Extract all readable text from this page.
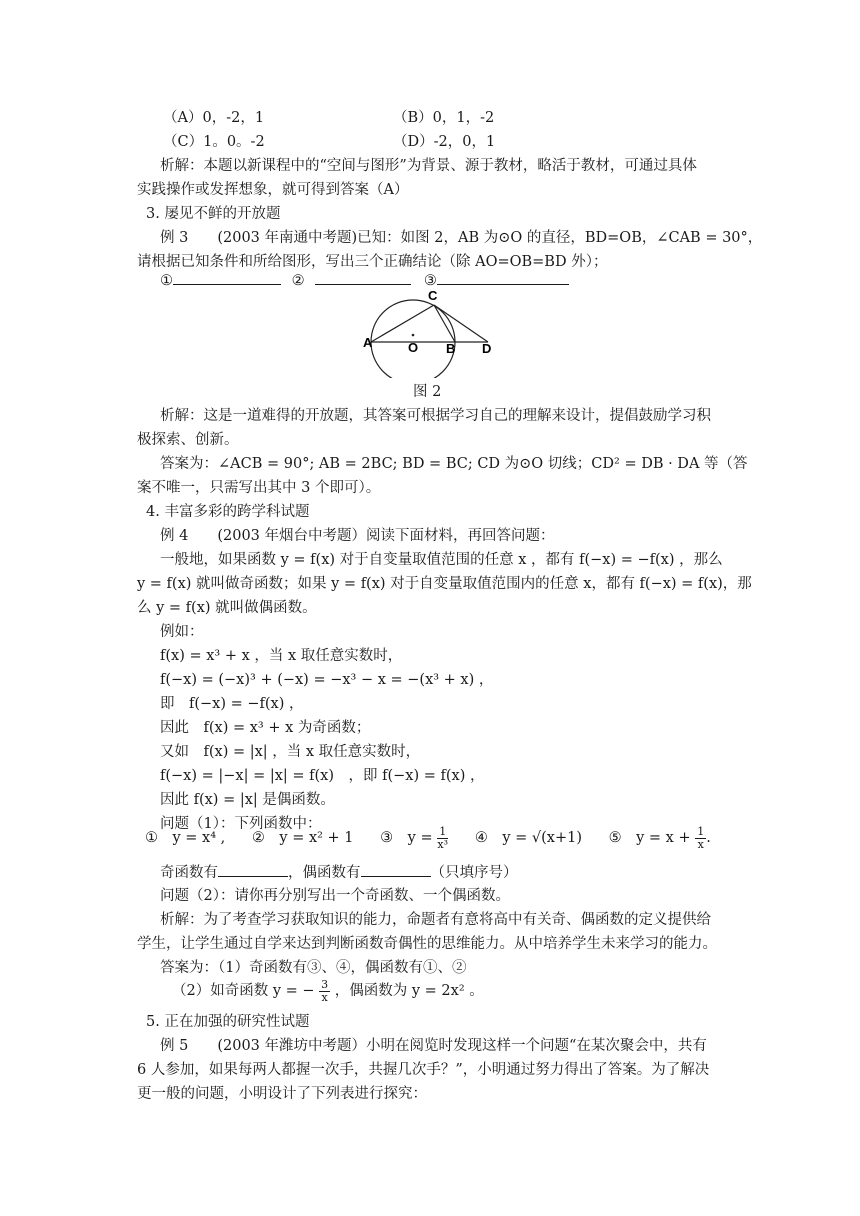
（A）0，-2，1	（B）0，1，-2
（C）1。0。-2	（D）-2，0，1
析解：本题以新课程中的“空间与图形”为背景、源于教材，略活于教材，可通过具体
实践操作或发挥想象，就可得到答案（A）
3. 屡见不鲜的开放题
例 3　　(2003 年南通中考题)已知：如图 2，AB 为⊙O 的直径，BD=OB，∠CAB = 30°，
请根据已知条件和所给图形，写出三个正确结论（除 AO=OB=BD 外）；
①	②	③
A	O B
C
D
图 2
析解：这是一道难得的开放题，其答案可根据学习自己的理解来设计，提倡鼓励学习积
极探索、创新。
答案为：∠ACB = 90°; AB = 2BC; BD = BC; CD 为⊙O 切线；CD² = DB · DA 等（答
案不唯一，只需写出其中 3 个即可）。
4. 丰富多彩的跨学科试题
例 4　　(2003 年烟台中考题）阅读下面材料，再回答问题：
一般地，如果函数 y = f(x) 对于自变量取值范围的任意 x ，都有 f(−x) = −f(x) ，那么
y = f(x) 就叫做奇函数；如果 y = f(x) 对于自变量取值范围内的任意 x，都有 f(−x) = f(x)，那
么 y = f(x) 就叫做偶函数。
例如：
f(x) = x³ + x ，当 x 取任意实数时，
f(−x) = (−x)³ + (−x) = −x³ − x = −(x³ + x) ，
即　f(−x) = −f(x) ，
因此　f(x) = x³ + x 为奇函数；
又如　f(x) = |x| ，当 x 取任意实数时，
f(−x) = |−x| = |x| = f(x)　，即 f(−x) = f(x) ，
因此 f(x) = |x| 是偶函数。
问题（1）：下列函数中：
①　y = x⁴ , ②　y = x² + 1 ③　$y = \frac{1}{\text{x³}}$ ④　y = √(x+1) ⑤　$y = x + \frac{1}{x}$ .
奇函数有	，偶函数有	（只填序号）
问题（2）：请你再分别写出一个奇函数、一个偶函数。
析解：为了考查学习获取知识的能力，命题者有意将高中有关奇、偶函数的定义提供给
学生，让学生通过自学来达到判断函数奇偶性的思维能力。从中培养学生未来学习的能力。
答案为：（1）奇函数有③、④，偶函数有①、②
（2）如奇函数 y = − $\frac{3}{x}$ ，偶函数为 y = 2x² 。
5. 正在加强的研究性试题
例 5　　(2003 年潍坊中考题）小明在阅览时发现这样一个问题“在某次聚会中，共有
6 人参加，如果每两人都握一次手，共握几次手？”，小明通过努力得出了答案。为了解决
更一般的问题，小明设计了下列表进行探究：
